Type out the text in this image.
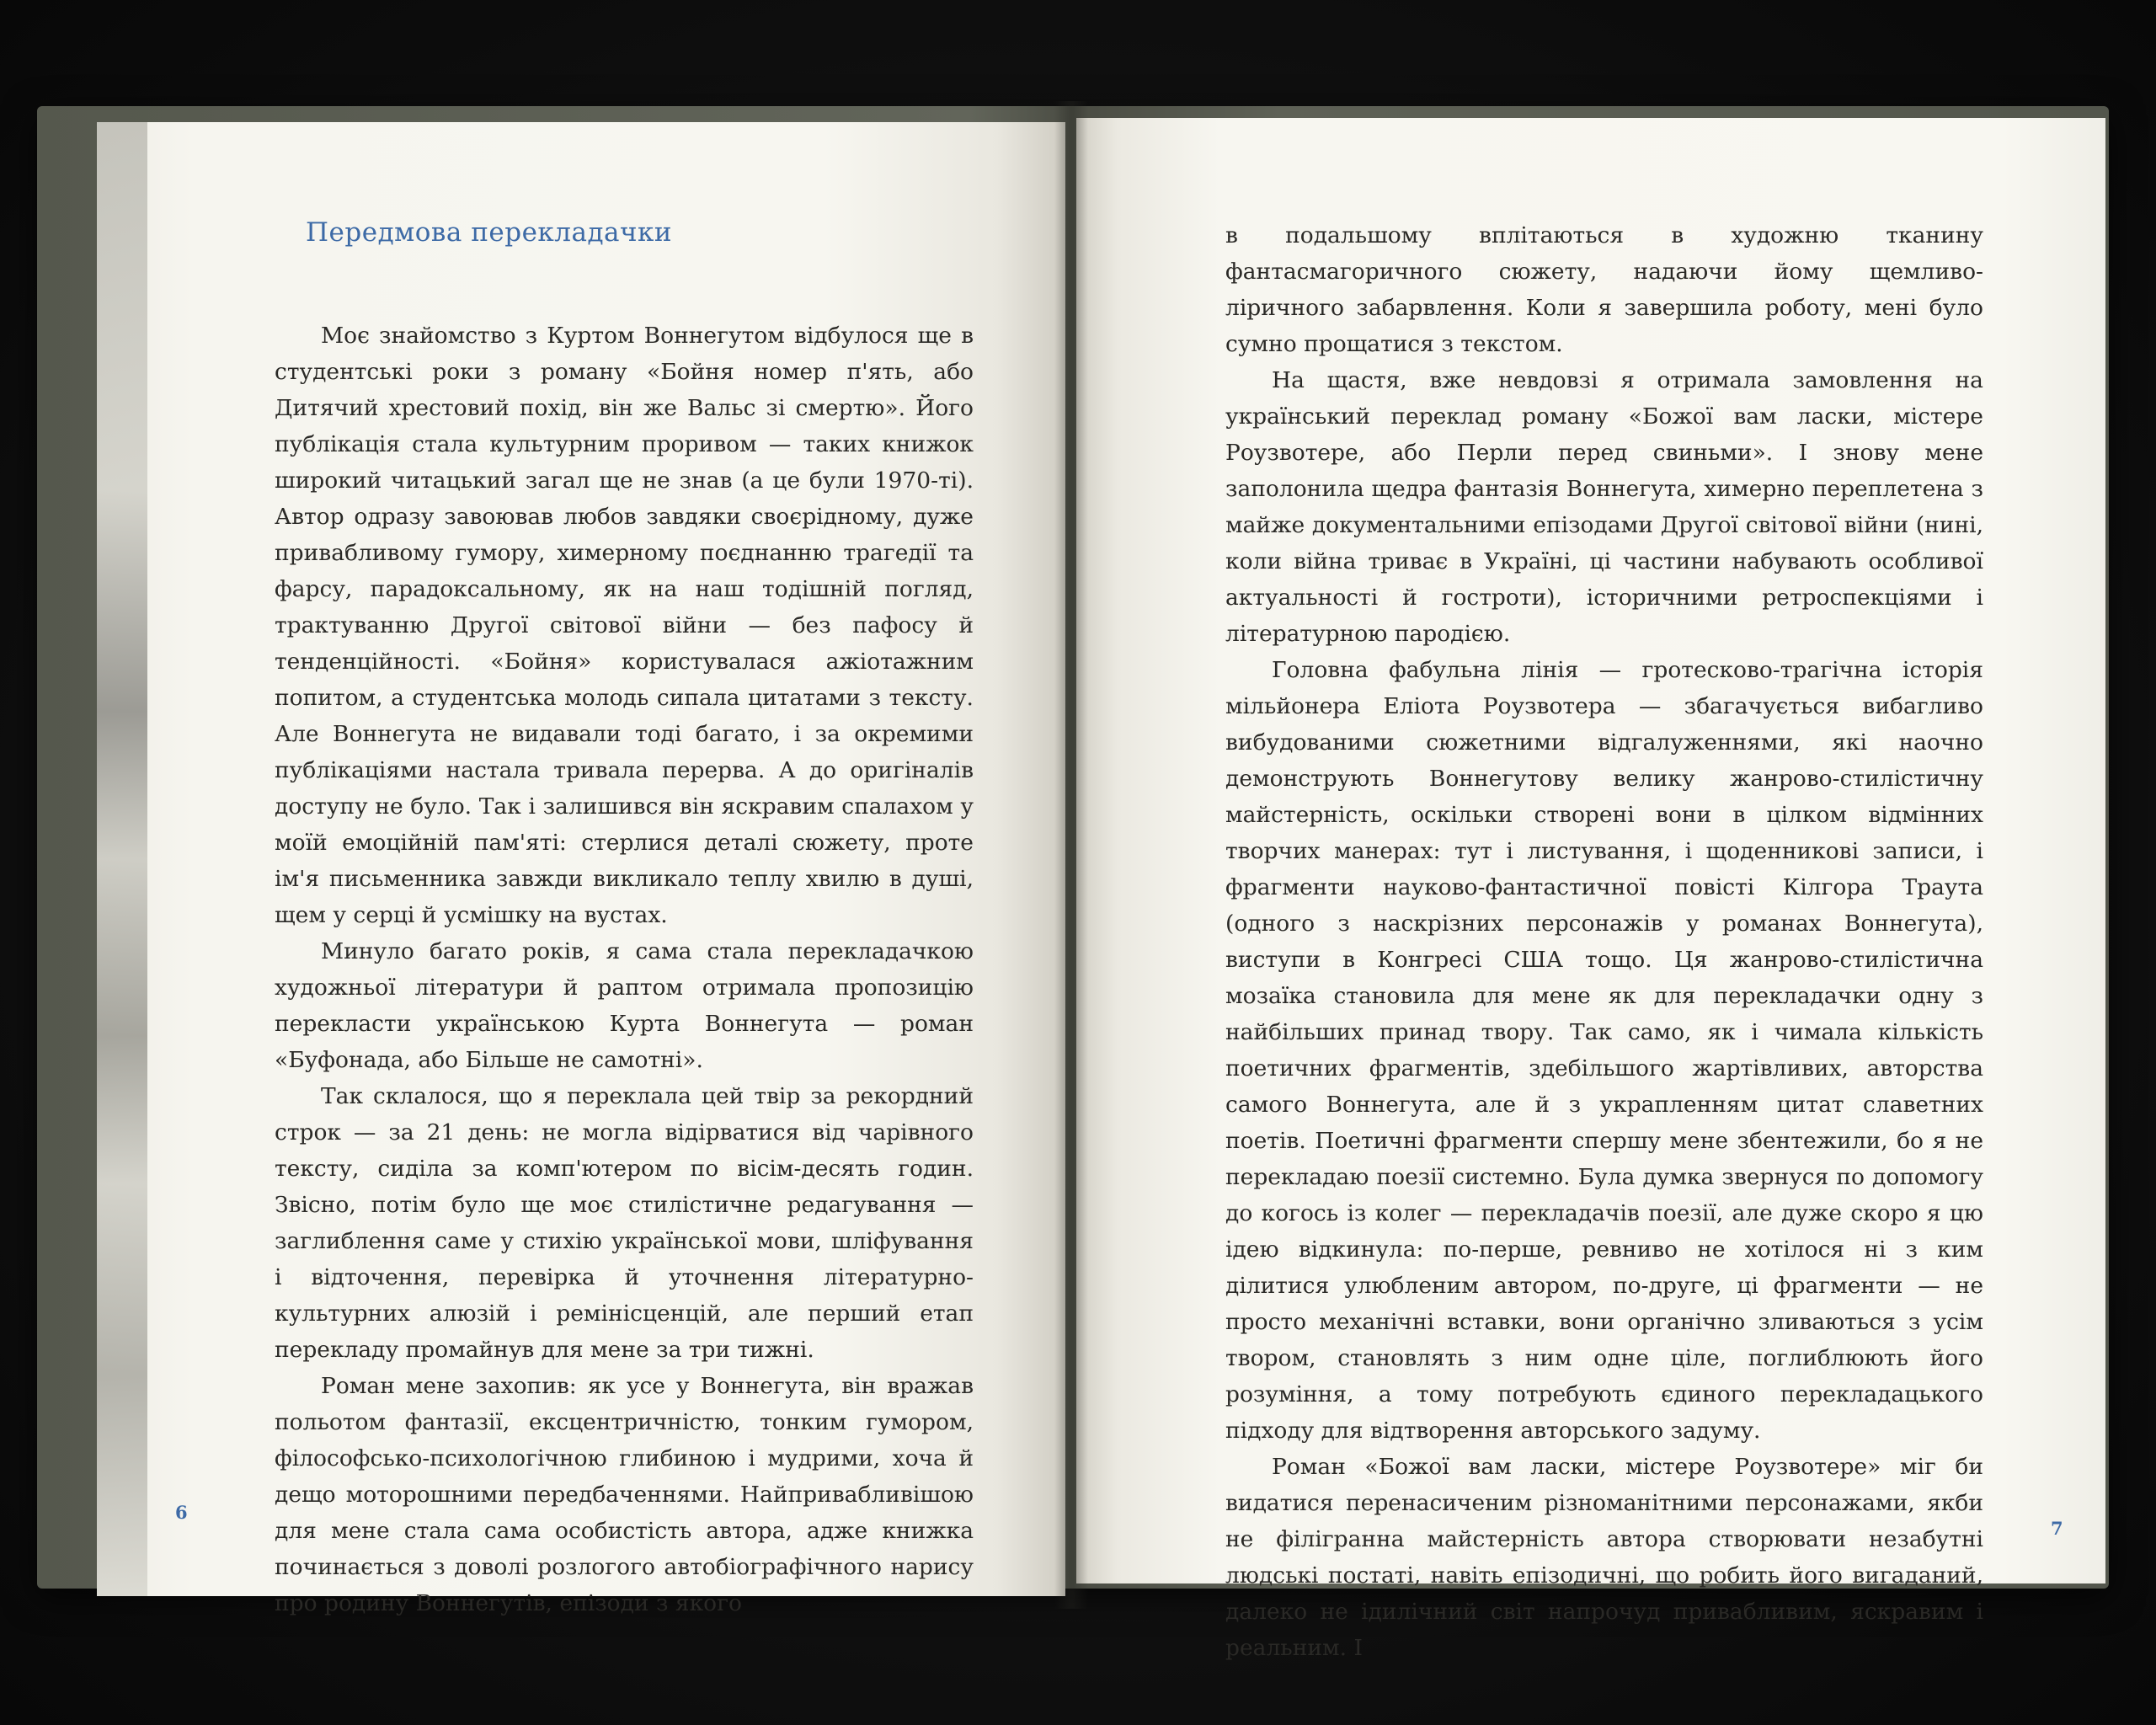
Передмова перекладачки

Моє знайомство з Куртом Воннегутом відбулося ще в студентські роки з роману «Бойня номер п'ять, або Дитячий хрестовий похід, він же Вальс зі смертю». Його публікація стала культурним проривом — таких книжок широкий читацький загал ще не знав (а це були 1970-ті). Автор одразу завоював любов завдяки своєрідному, дуже привабливому гумору, химерному поєднанню трагедії та фарсу, парадоксальному, як на наш тодішній погляд, трактуванню Другої світової війни — без пафосу й тенденційності. «Бойня» користувалася ажіотажним попитом, а студентська молодь сипала цитатами з тексту. Але Воннегута не видавали тоді багато, і за окремими публікаціями настала тривала перерва. А до оригіналів доступу не було. Так і залишився він яскравим спалахом у моїй емоційній пам'яті: стерлися деталі сюжету, проте ім'я письменника завжди викликало теплу хвилю в душі, щем у серці й усмішку на вустах.

Минуло багато років, я сама стала перекладачкою художньої літератури й раптом отримала пропозицію перекласти українською Курта Воннегута — роман «Буфонада, або Більше не самотні».

Так склалося, що я переклала цей твір за рекордний строк — за 21 день: не могла відірватися від чарівного тексту, сиділа за комп'ютером по вісім-десять годин. Звісно, потім було ще моє стилістичне редагування — заглиблення саме у стихію української мови, шліфування і відточення, перевірка й уточнення літературно-культурних алюзій і ремінісценцій, але перший етап перекладу промайнув для мене за три тижні.

Роман мене захопив: як усе у Воннегута, він вражав польотом фантазії, ексцентричністю, тонким гумором, філософсько-психологічною глибиною і мудрими, хоча й дещо моторошними передбаченнями. Найпривабливішою для мене стала сама особистість автора, адже книжка починається з доволі розлогого автобіографічного нарису про родину Воннегутів, епізоди з якого

в подальшому вплітаються в художню тканину фантасмагоричного сюжету, надаючи йому щемливо-ліричного забарвлення. Коли я завершила роботу, мені було сумно прощатися з текстом.

На щастя, вже невдовзі я отримала замовлення на український переклад роману «Божої вам ласки, містере Роузвотере, або Перли перед свиньми». І знову мене заполонила щедра фантазія Воннегута, химерно переплетена з майже документальними епізодами Другої світової війни (нині, коли війна триває в Україні, ці частини набувають особливої актуальності й гостроти), історичними ретроспекціями і літературною пародією.

Головна фабульна лінія — гротесково-трагічна історія мільйонера Еліота Роузвотера — збагачується вибагливо вибудованими сюжетними відгалуженнями, які наочно демонструють Воннегутову велику жанрово-стилістичну майстерність, оскільки створені вони в цілком відмінних творчих манерах: тут і листування, і щоденникові записи, і фрагменти науково-фантастичної повісті Кілгора Траута (одного з наскрізних персонажів у романах Воннегута), виступи в Конгресі США тощо. Ця жанрово-стилістична мозаїка становила для мене як для перекладачки одну з найбільших принад твору. Так само, як і чимала кількість поетичних фрагментів, здебільшого жартівливих, авторства самого Воннегута, але й з украпленням цитат славетних поетів. Поетичні фрагменти спершу мене збентежили, бо я не перекладаю поезії системно. Була думка звернуся по допомогу до когось із колег — перекладачів поезії, але дуже скоро я цю ідею відкинула: по-перше, ревниво не хотілося ні з ким ділитися улюбленим автором, по-друге, ці фрагменти — не просто механічні вставки, вони органічно зливаються з усім твором, становлять з ним одне ціле, поглиблюють його розуміння, а тому потребують єдиного перекладацького підходу для відтворення авторського задуму.

Роман «Божої вам ласки, містере Роузвотере» міг би видатися перенасиченим різноманітними персонажами, якби не філігранна майстерність автора створювати незабутні людські постаті, навіть епізодичні, що робить його вигаданий, далеко не ідилічний світ напрочуд привабливим, яскравим і реальним. І

6
7
